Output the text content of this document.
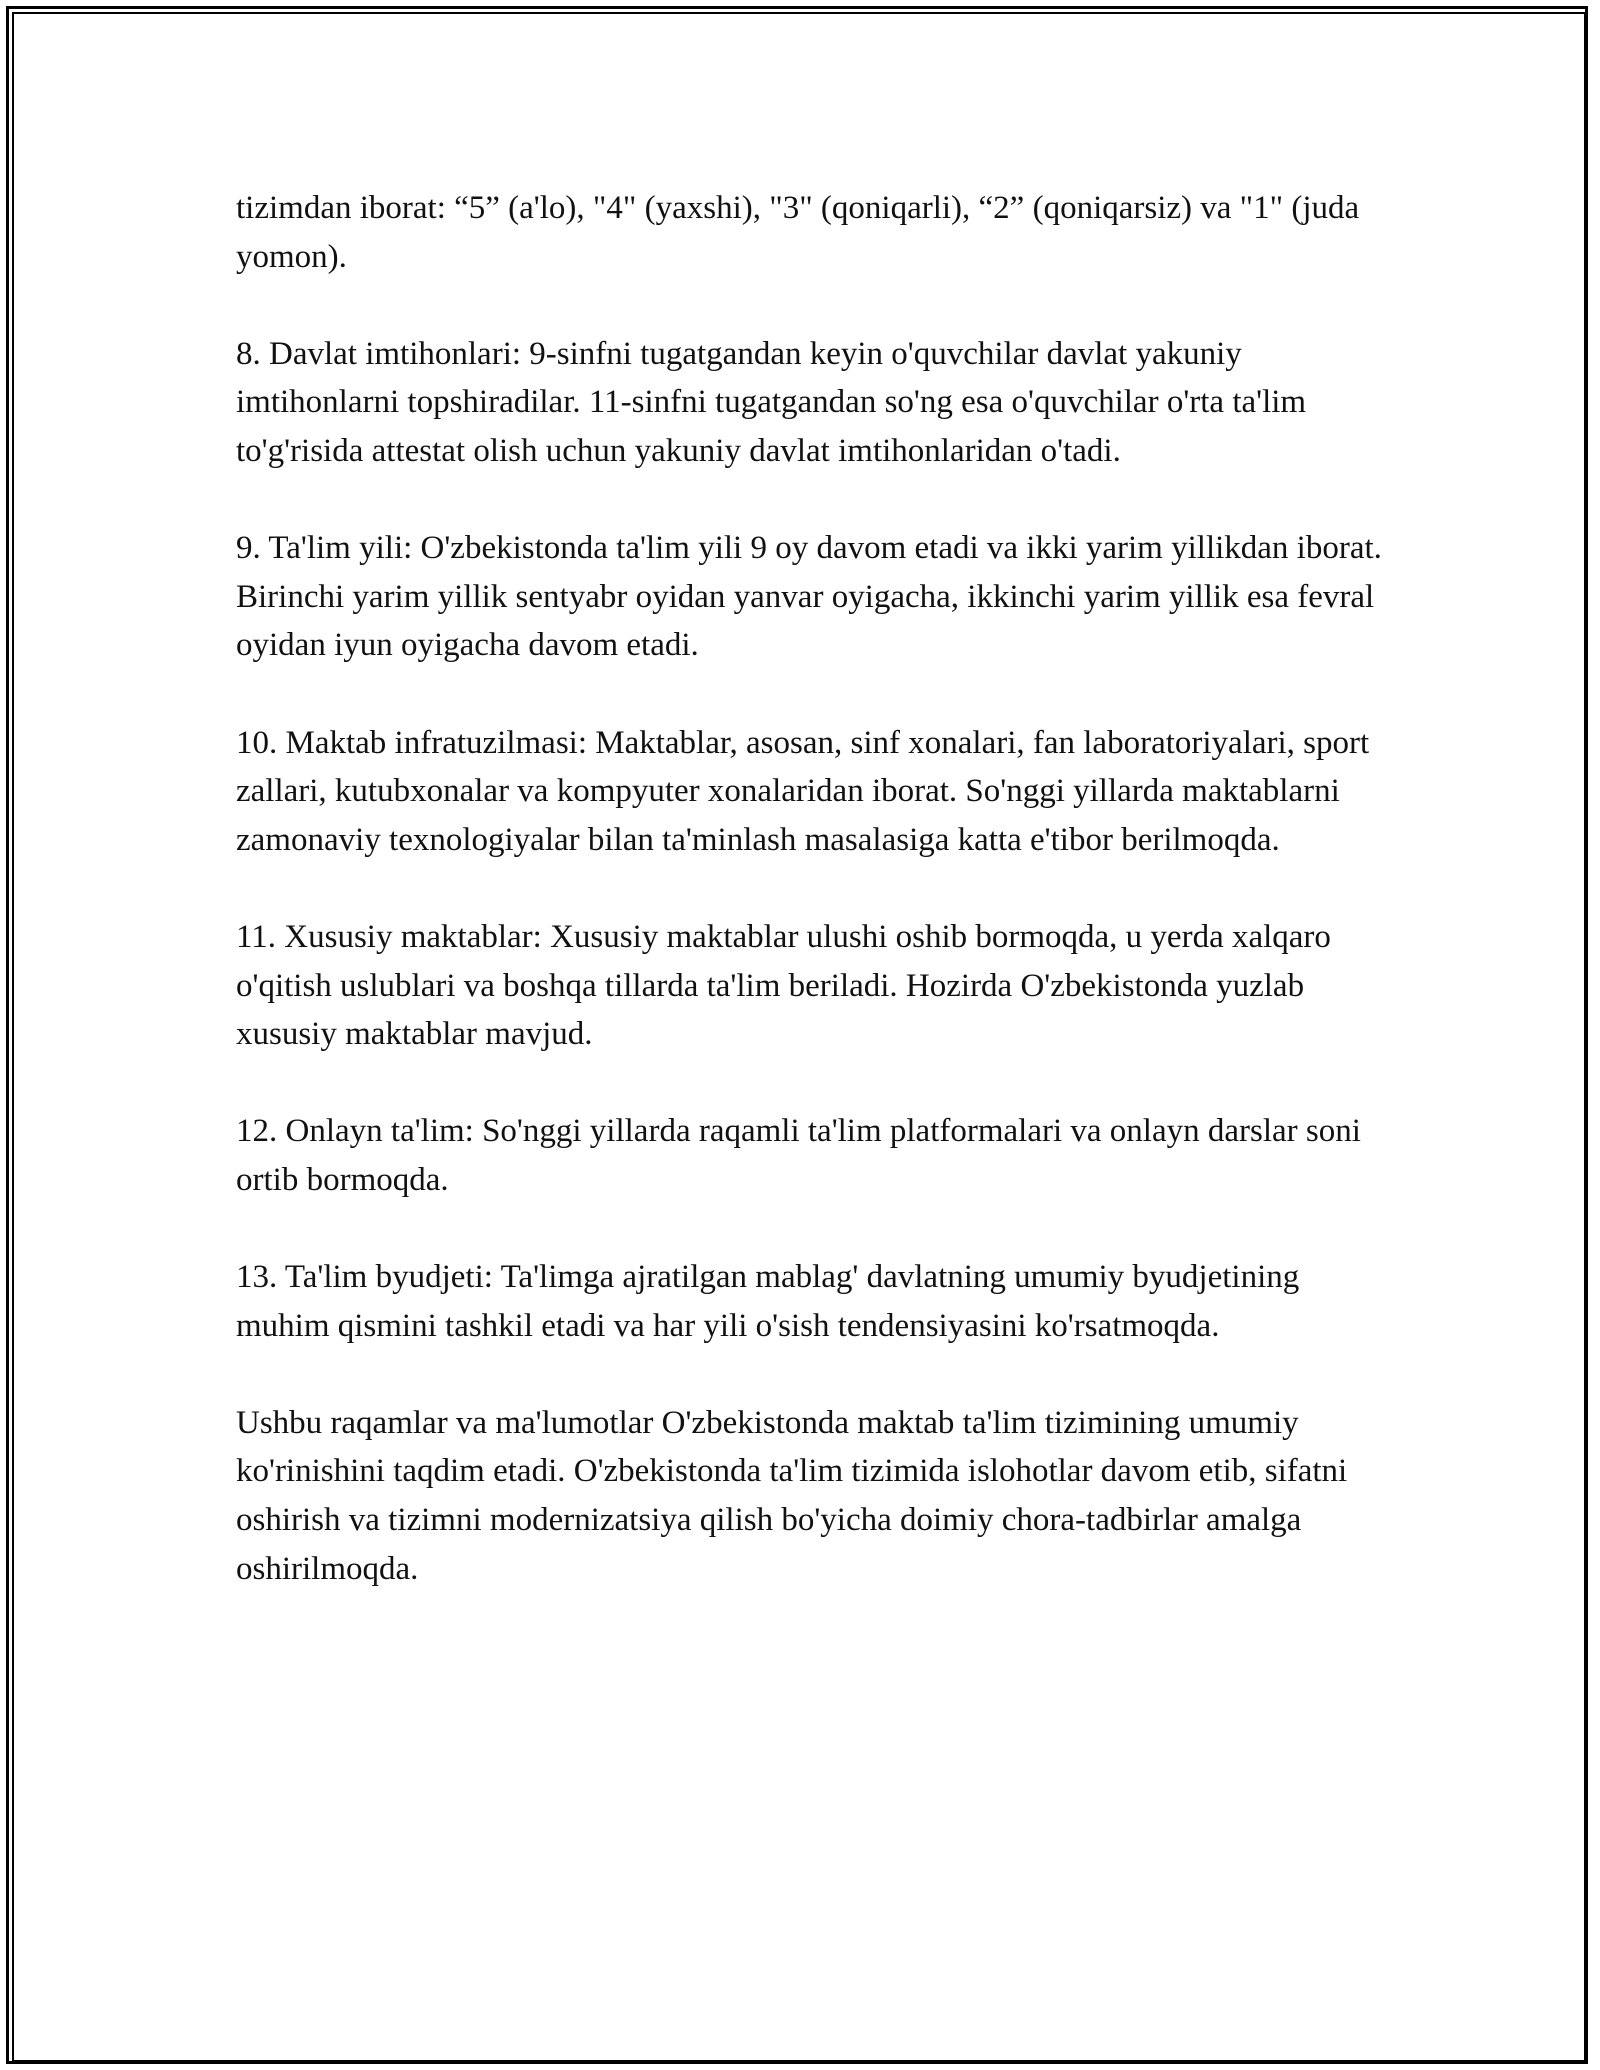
tizimdan iborat: “5” (a'lo), "4" (yaxshi), "3" (qoniqarli), “2” (qoniqarsiz) va "1" (juda yomon).

8. Davlat imtihonlari: 9-sinfni tugatgandan keyin o'quvchilar davlat yakuniy imtihonlarni topshiradilar. 11-sinfni tugatgandan so'ng esa o'quvchilar o'rta ta'lim to'g'risida attestat olish uchun yakuniy davlat imtihonlaridan o'tadi.

9. Ta'lim yili: O'zbekistonda ta'lim yili 9 oy davom etadi va ikki yarim yillikdan iborat. Birinchi yarim yillik sentyabr oyidan yanvar oyigacha, ikkinchi yarim yillik esa fevral oyidan iyun oyigacha davom etadi.

10. Maktab infratuzilmasi: Maktablar, asosan, sinf xonalari, fan laboratoriyalari, sport zallari, kutubxonalar va kompyuter xonalaridan iborat. So'nggi yillarda maktablarni zamonaviy texnologiyalar bilan ta'minlash masalasiga katta e'tibor berilmoqda.

11. Xususiy maktablar: Xususiy maktablar ulushi oshib bormoqda, u yerda xalqaro o'qitish uslublari va boshqa tillarda ta'lim beriladi. Hozirda O'zbekistonda yuzlab xususiy maktablar mavjud.

12. Onlayn ta'lim: So'nggi yillarda raqamli ta'lim platformalari va onlayn darslar soni ortib bormoqda.

13. Ta'lim byudjeti: Ta'limga ajratilgan mablag' davlatning umumiy byudjetining muhim qismini tashkil etadi va har yili o'sish tendensiyasini ko'rsatmoqda.

Ushbu raqamlar va ma'lumotlar O'zbekistonda maktab ta'lim tizimining umumiy ko'rinishini taqdim etadi. O'zbekistonda ta'lim tizimida islohotlar davom etib, sifatni oshirish va tizimni modernizatsiya qilish bo'yicha doimiy chora-tadbirlar amalga oshirilmoqda.
